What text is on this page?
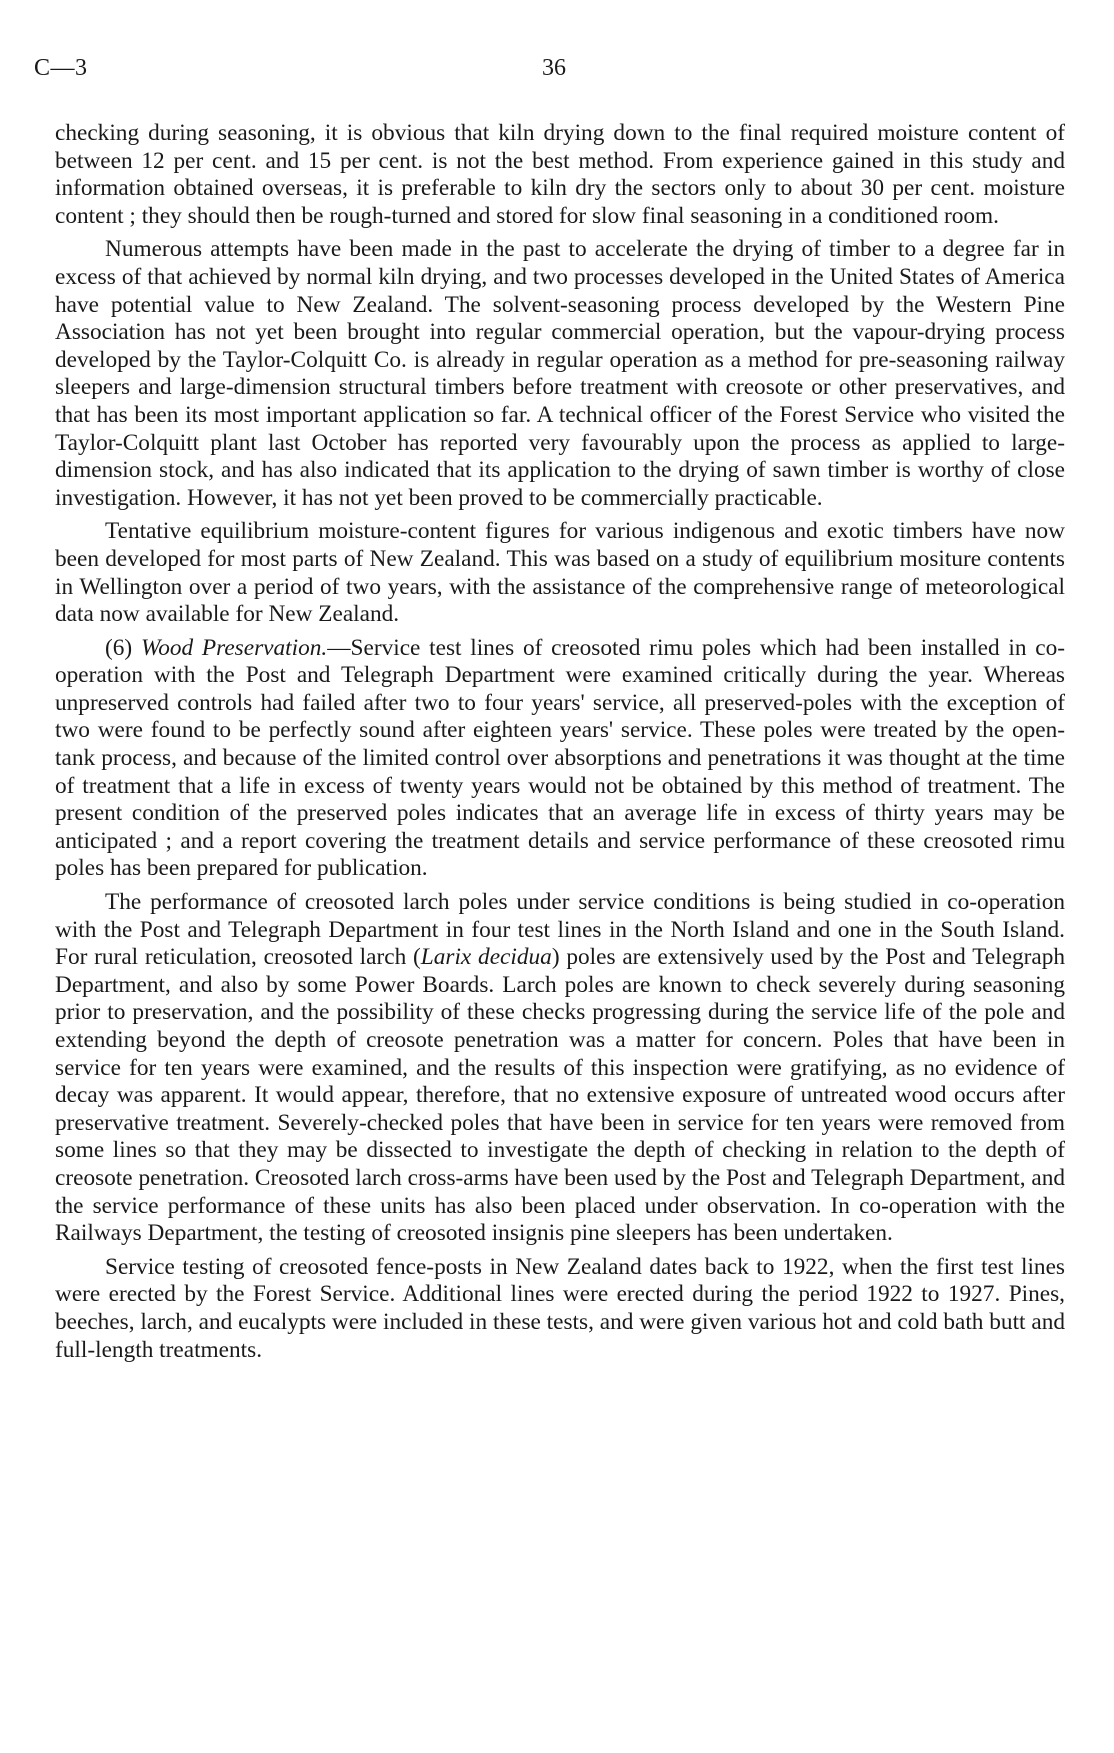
C—3	36

checking during seasoning, it is obvious that kiln drying down to the final required moisture content of between 12 per cent. and 15 per cent. is not the best method. From experience gained in this study and information obtained overseas, it is preferable to kiln dry the sectors only to about 30 per cent. moisture content ; they should then be rough-turned and stored for slow final seasoning in a conditioned room.

Numerous attempts have been made in the past to accelerate the drying of timber to a degree far in excess of that achieved by normal kiln drying, and two processes developed in the United States of America have potential value to New Zealand. The solvent-seasoning process developed by the Western Pine Association has not yet been brought into regular commercial operation, but the vapour-drying process developed by the Taylor-Colquitt Co. is already in regular operation as a method for pre-seasoning railway sleepers and large-dimension structural timbers before treatment with creosote or other preservatives, and that has been its most important application so far. A technical officer of the Forest Service who visited the Taylor-Colquitt plant last October has reported very favourably upon the process as applied to large-dimension stock, and has also indicated that its application to the drying of sawn timber is worthy of close investigation. However, it has not yet been proved to be commercially practicable.

Tentative equilibrium moisture-content figures for various indigenous and exotic timbers have now been developed for most parts of New Zealand. This was based on a study of equilibrium mositure contents in Wellington over a period of two years, with the assistance of the comprehensive range of meteorological data now available for New Zealand.

(6) Wood Preservation.—Service test lines of creosoted rimu poles which had been installed in co-operation with the Post and Telegraph Department were examined critically during the year. Whereas unpreserved controls had failed after two to four years' service, all preserved-poles with the exception of two were found to be perfectly sound after eighteen years' service. These poles were treated by the open-tank process, and because of the limited control over absorptions and penetrations it was thought at the time of treatment that a life in excess of twenty years would not be obtained by this method of treatment. The present condition of the preserved poles indicates that an average life in excess of thirty years may be anticipated ; and a report covering the treatment details and service performance of these creosoted rimu poles has been prepared for publication.

The performance of creosoted larch poles under service conditions is being studied in co-operation with the Post and Telegraph Department in four test lines in the North Island and one in the South Island. For rural reticulation, creosoted larch (Larix decidua) poles are extensively used by the Post and Telegraph Department, and also by some Power Boards. Larch poles are known to check severely during seasoning prior to preservation, and the possibility of these checks progressing during the service life of the pole and extending beyond the depth of creosote penetration was a matter for concern. Poles that have been in service for ten years were examined, and the results of this inspection were gratifying, as no evidence of decay was apparent. It would appear, therefore, that no extensive exposure of untreated wood occurs after preservative treatment. Severely-checked poles that have been in service for ten years were removed from some lines so that they may be dissected to investigate the depth of checking in relation to the depth of creosote penetration. Creosoted larch cross-arms have been used by the Post and Telegraph Department, and the service performance of these units has also been placed under observation. In co-operation with the Railways Department, the testing of creosoted insignis pine sleepers has been undertaken.

Service testing of creosoted fence-posts in New Zealand dates back to 1922, when the first test lines were erected by the Forest Service. Additional lines were erected during the period 1922 to 1927. Pines, beeches, larch, and eucalypts were included in these tests, and were given various hot and cold bath butt and full-length treatments.
